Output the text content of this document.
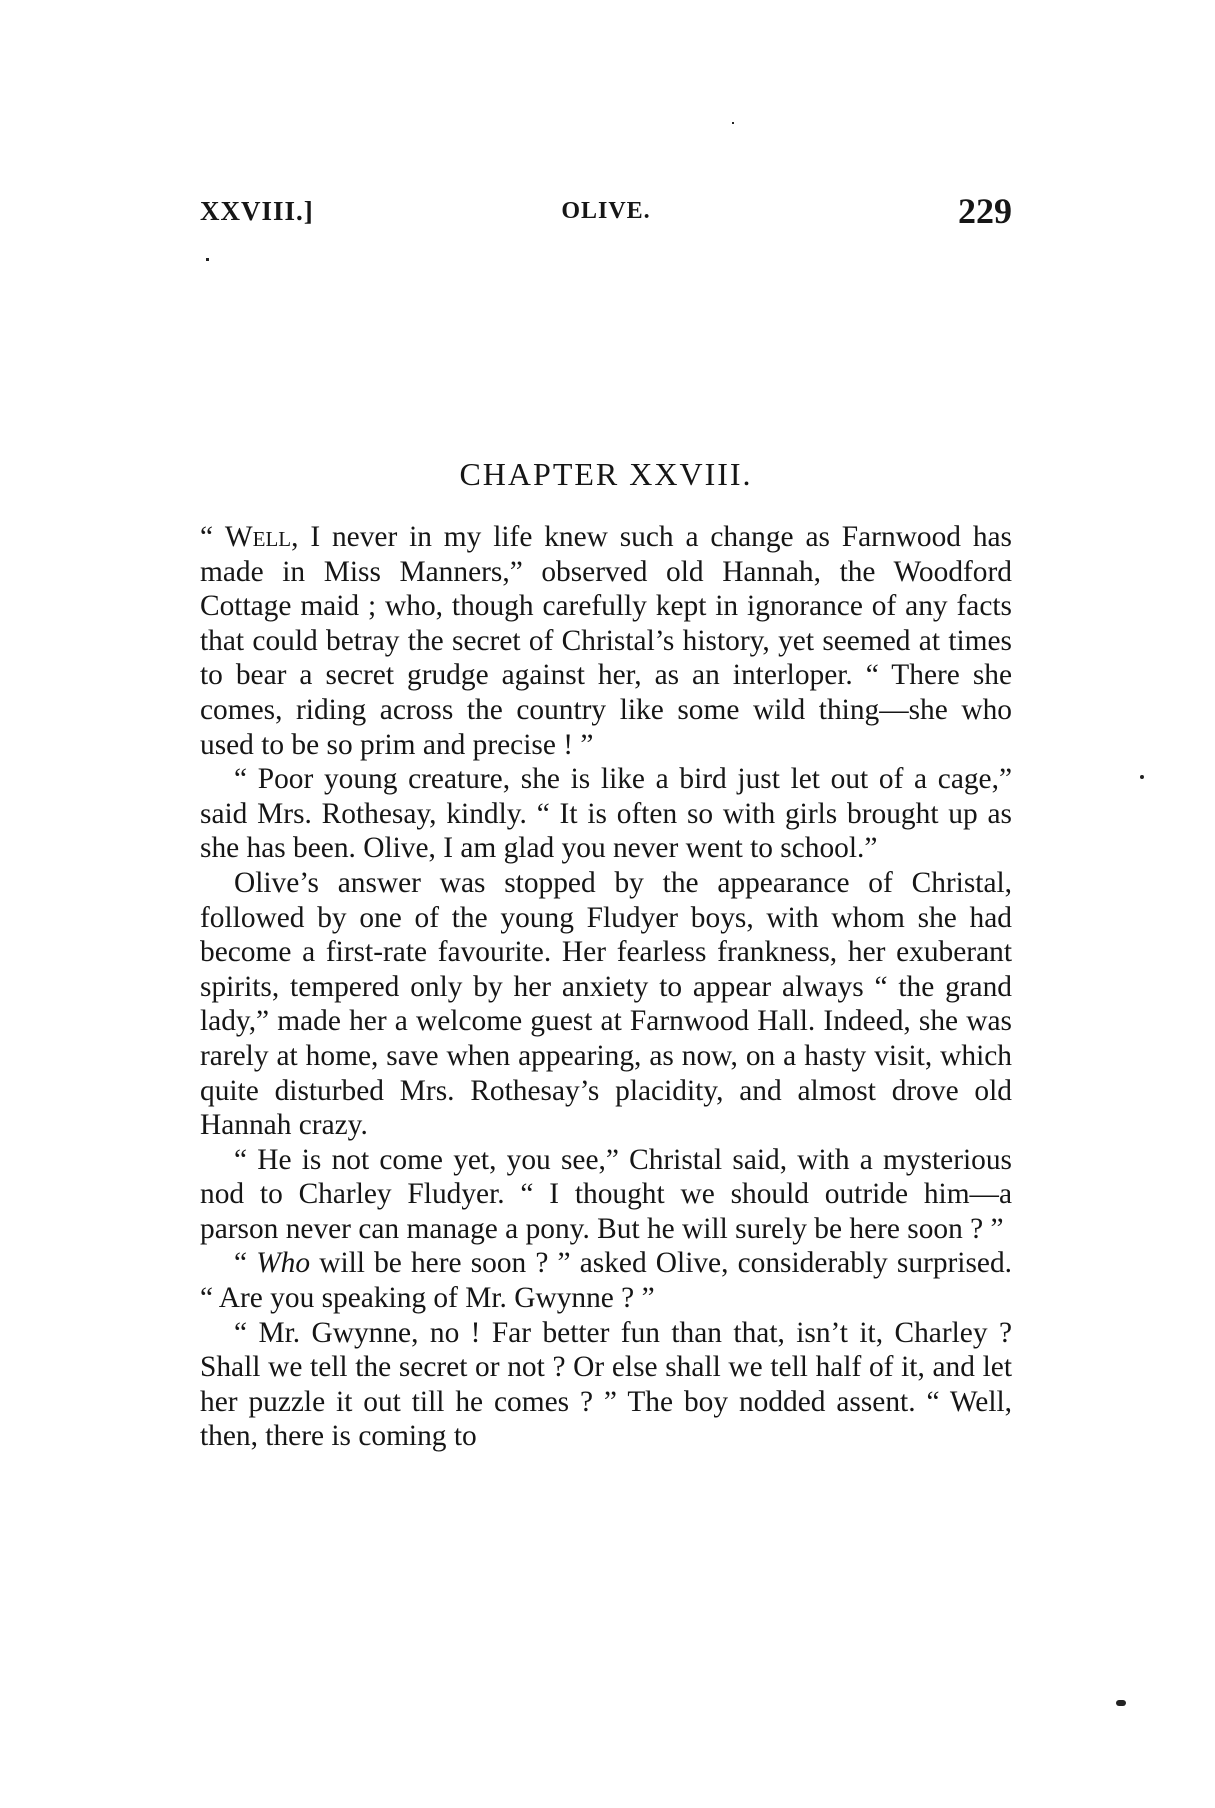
XXVIII.]	OLIVE.	229
CHAPTER XXVIII.

“ Well, I never in my life knew such a change as Farnwood has made in Miss Manners,” observed old Hannah, the Woodford Cottage maid ; who, though carefully kept in ignorance of any facts that could betray the secret of Christal’s history, yet seemed at times to bear a secret grudge against her, as an interloper. “ There she comes, riding across the country like some wild thing—she who used to be so prim and precise ! ”

“ Poor young creature, she is like a bird just let out of a cage,” said Mrs. Rothesay, kindly. “ It is often so with girls brought up as she has been. Olive, I am glad you never went to school.”

Olive’s answer was stopped by the appearance of Christal, followed by one of the young Fludyer boys, with whom she had become a first-rate favourite. Her fearless frankness, her exuberant spirits, tempered only by her anxiety to appear always “ the grand lady,” made her a welcome guest at Farnwood Hall. Indeed, she was rarely at home, save when appearing, as now, on a hasty visit, which quite disturbed Mrs. Rothesay’s placidity, and almost drove old Hannah crazy.

“ He is not come yet, you see,” Christal said, with a mysterious nod to Charley Fludyer. “ I thought we should outride him—a parson never can manage a pony. But he will surely be here soon ? ”

“ Who will be here soon ? ” asked Olive, considerably surprised. “ Are you speaking of Mr. Gwynne ? ”

“ Mr. Gwynne, no ! Far better fun than that, isn’t it, Charley ? Shall we tell the secret or not ? Or else shall we tell half of it, and let her puzzle it out till he comes ? ” The boy nodded assent. “ Well, then, there is coming to
